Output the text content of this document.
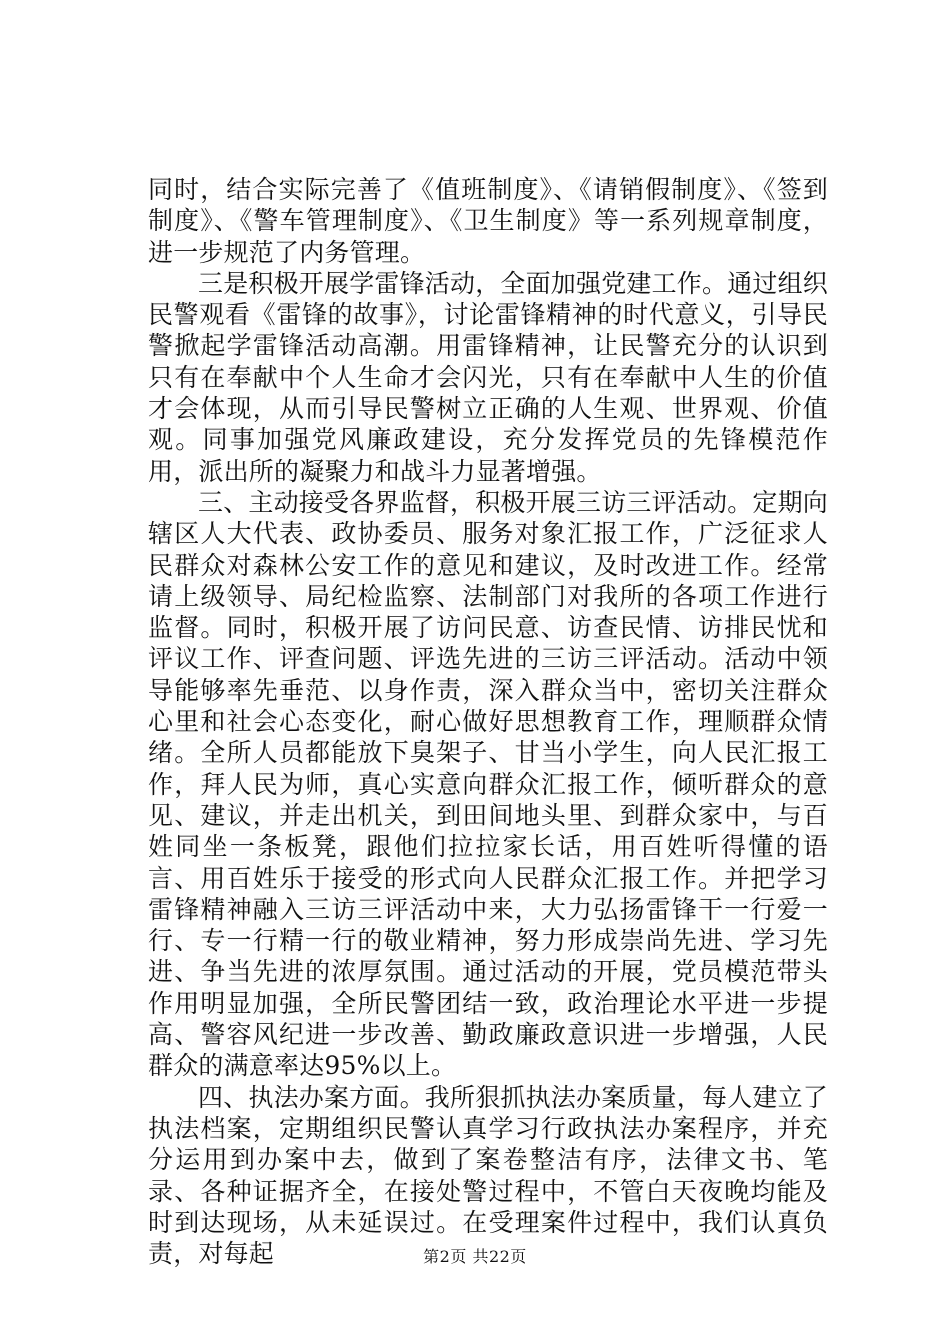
同时，结合实际完善了《值班制度》、《请销假制度》、《签到制度》、《警车管理制度》、《卫生制度》等一系列规章制度，进一步规范了内务管理。

三是积极开展学雷锋活动，全面加强党建工作。通过组织民警观看《雷锋的故事》，讨论雷锋精神的时代意义，引导民警掀起学雷锋活动高潮。用雷锋精神，让民警充分的认识到只有在奉献中个人生命才会闪光，只有在奉献中人生的价值才会体现，从而引导民警树立正确的人生观、世界观、价值观。同事加强党风廉政建设，充分发挥党员的先锋模范作用，派出所的凝聚力和战斗力显著增强。

三、主动接受各界监督，积极开展三访三评活动。定期向辖区人大代表、政协委员、服务对象汇报工作，广泛征求人民群众对森林公安工作的意见和建议，及时改进工作。经常请上级领导、局纪检监察、法制部门对我所的各项工作进行监督。同时，积极开展了访问民意、访查民情、访排民忧和评议工作、评查问题、评选先进的三访三评活动。活动中领导能够率先垂范、以身作责，深入群众当中，密切关注群众心里和社会心态变化，耐心做好思想教育工作，理顺群众情绪。全所人员都能放下臭架子、甘当小学生，向人民汇报工作，拜人民为师，真心实意向群众汇报工作，倾听群众的意见、建议，并走出机关，到田间地头里、到群众家中，与百姓同坐一条板凳，跟他们拉拉家长话，用百姓听得懂的语言、用百姓乐于接受的形式向人民群众汇报工作。并把学习雷锋精神融入三访三评活动中来，大力弘扬雷锋干一行爱一行、专一行精一行的敬业精神，努力形成崇尚先进、学习先进、争当先进的浓厚氛围。通过活动的开展，党员模范带头作用明显加强，全所民警团结一致，政治理论水平进一步提高、警容风纪进一步改善、勤政廉政意识进一步增强，人民群众的满意率达95%以上。

四、执法办案方面。我所狠抓执法办案质量，每人建立了执法档案，定期组织民警认真学习行政执法办案程序，并充分运用到办案中去，做到了案卷整洁有序，法律文书、笔录、各种证据齐全，在接处警过程中，不管白天夜晚均能及时到达现场，从未延误过。在受理案件过程中，我们认真负责，对每起	第2页 共22页
